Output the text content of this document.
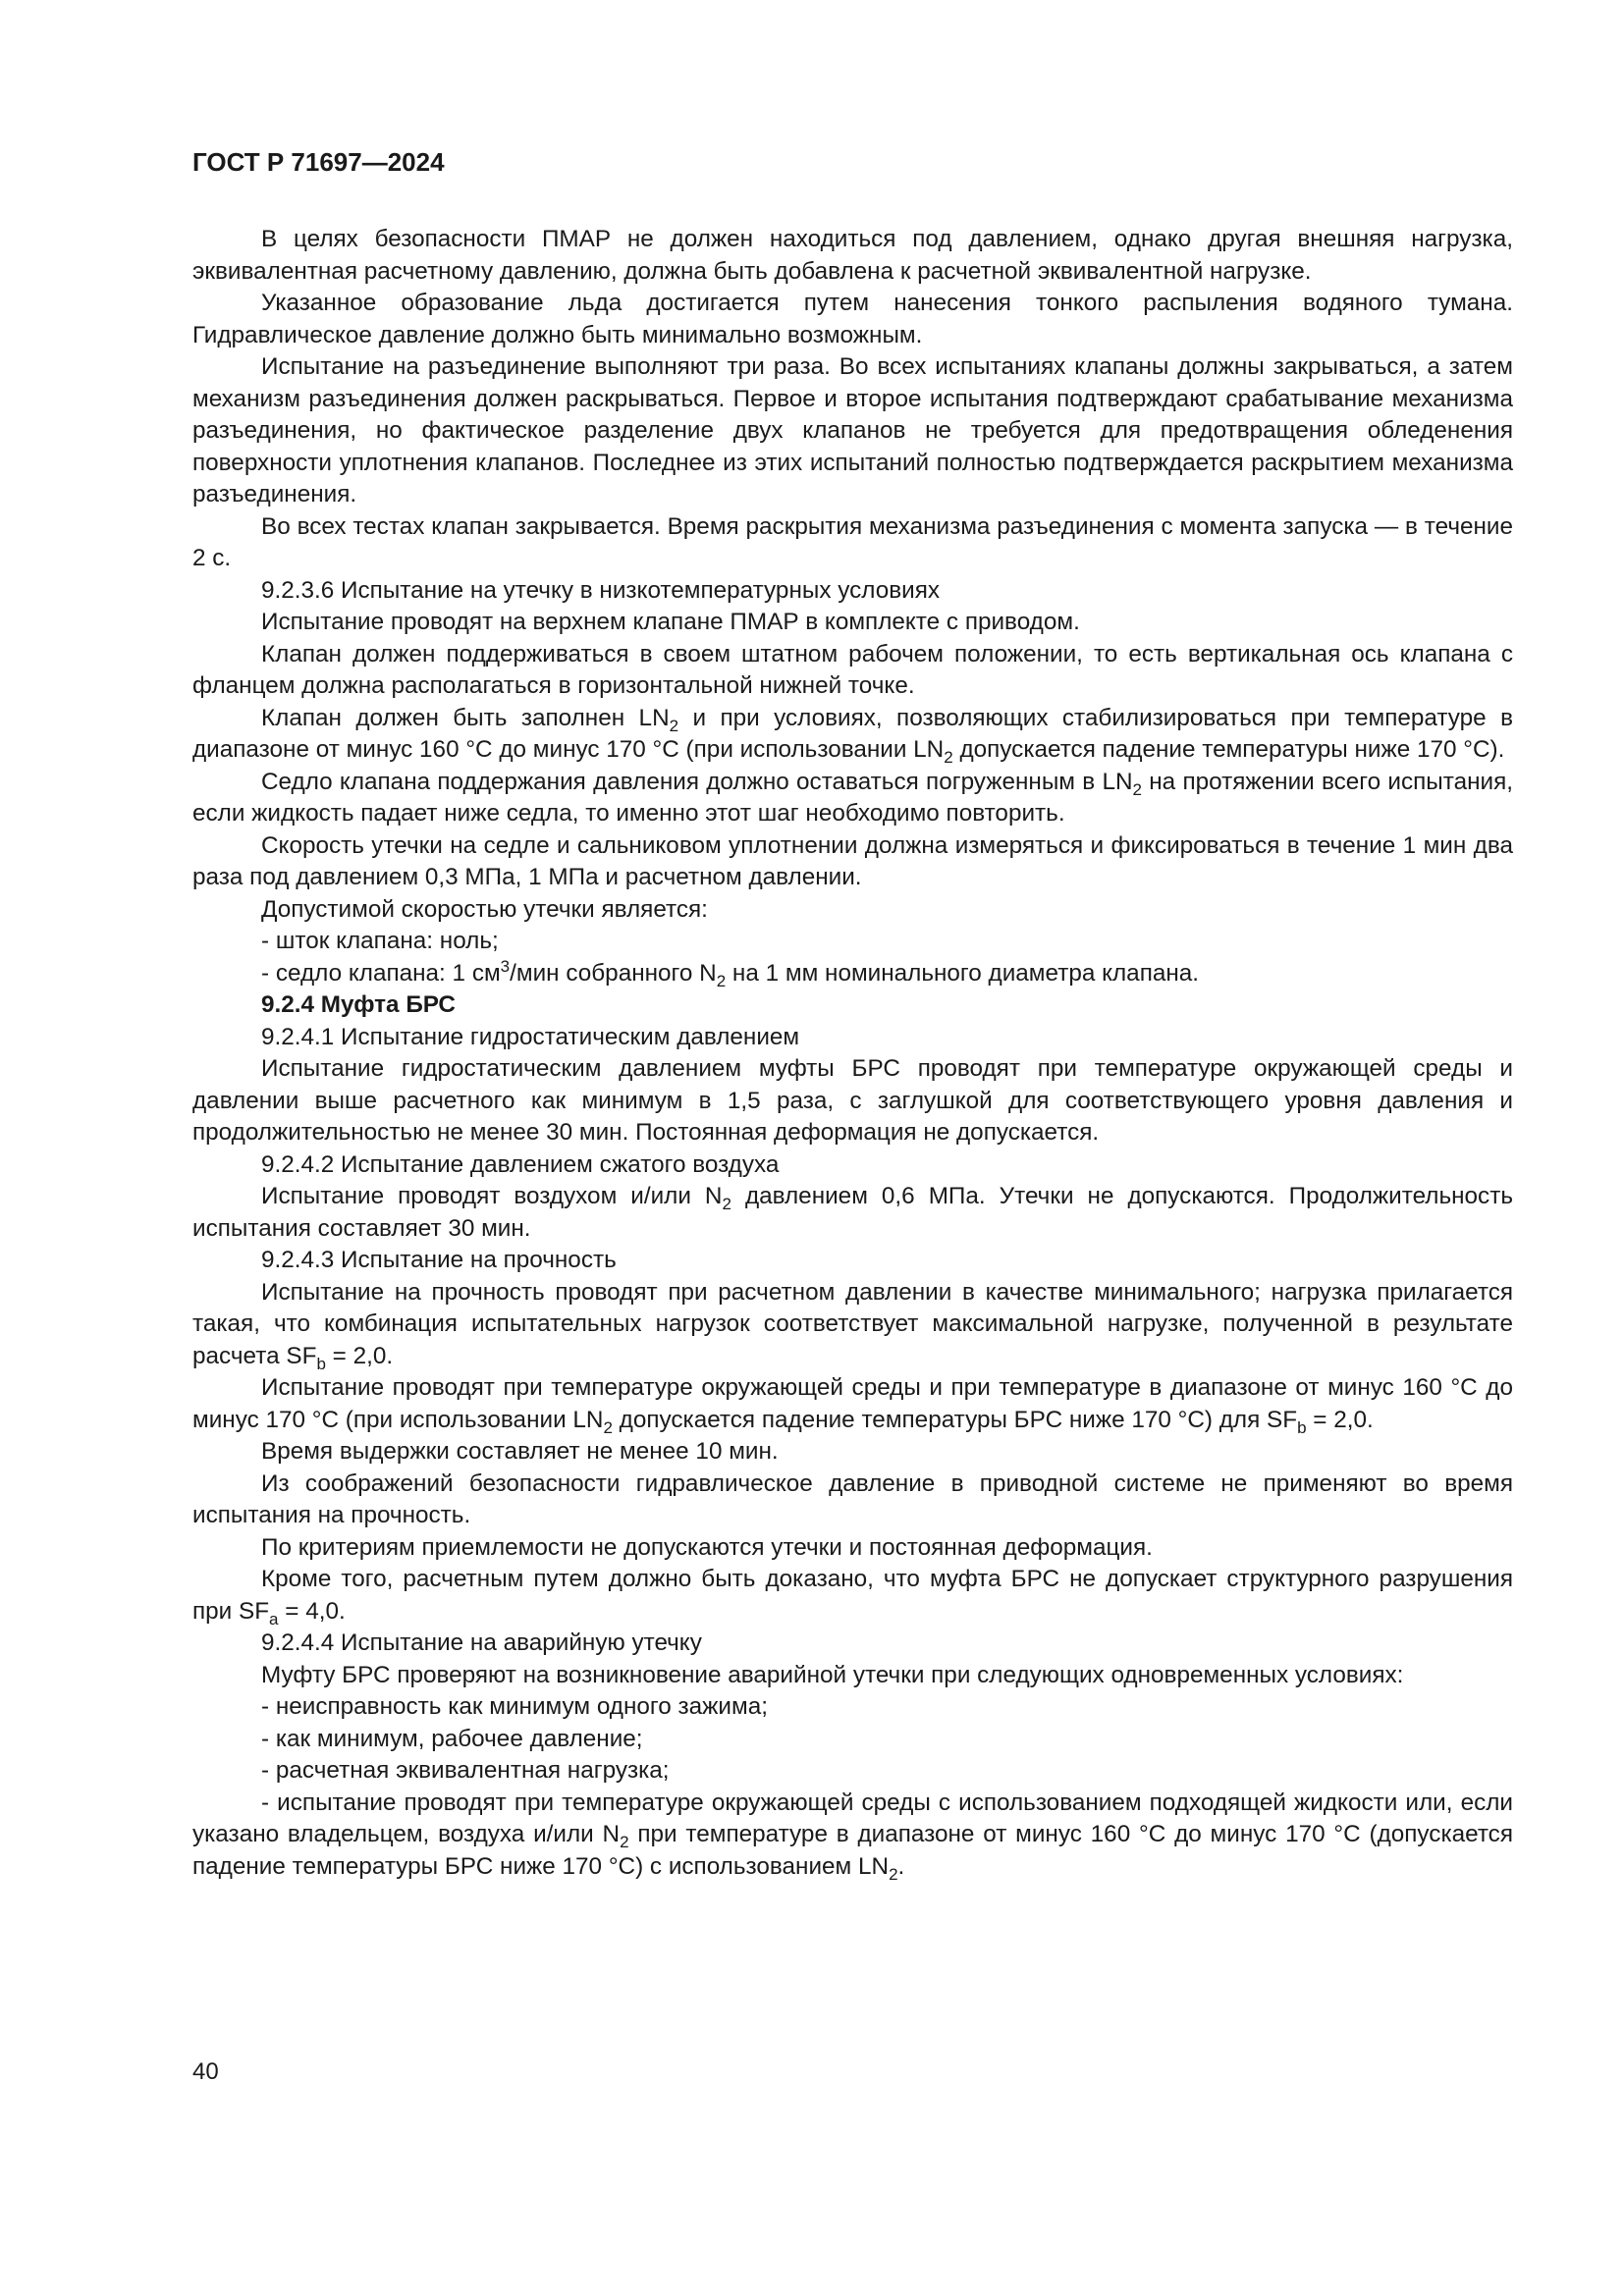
ГОСТ Р 71697—2024

В целях безопасности ПМАР не должен находиться под давлением, однако другая внешняя нагрузка, эквивалентная расчетному давлению, должна быть добавлена к расчетной эквивалентной нагрузке.

Указанное образование льда достигается путем нанесения тонкого распыления водяного тумана. Гидравлическое давление должно быть минимально возможным.

Испытание на разъединение выполняют три раза. Во всех испытаниях клапаны должны закрываться, а затем механизм разъединения должен раскрываться. Первое и второе испытания подтверждают срабатывание механизма разъединения, но фактическое разделение двух клапанов не требуется для предотвращения обледенения поверхности уплотнения клапанов. Последнее из этих испытаний полностью подтверждается раскрытием механизма разъединения.

Во всех тестах клапан закрывается. Время раскрытия механизма разъединения с момента запуска — в течение 2 с.

9.2.3.6 Испытание на утечку в низкотемпературных условиях

Испытание проводят на верхнем клапане ПМАР в комплекте с приводом.

Клапан должен поддерживаться в своем штатном рабочем положении, то есть вертикальная ось клапана с фланцем должна располагаться в горизонтальной нижней точке.

Клапан должен быть заполнен $LN_2$ и при условиях, позволяющих стабилизироваться при температуре в диапазоне от минус 160 °С до минус 170 °С (при использовании $LN_2$ допускается падение температуры ниже 170 °С).

Седло клапана поддержания давления должно оставаться погруженным в $LN_2$ на протяжении всего испытания, если жидкость падает ниже седла, то именно этот шаг необходимо повторить.

Скорость утечки на седле и сальниковом уплотнении должна измеряться и фиксироваться в течение 1 мин два раза под давлением 0,3 МПа, 1 МПа и расчетном давлении.

Допустимой скоростью утечки является:

- шток клапана: ноль;

- седло клапана: 1 $см^3$/мин собранного $N_2$ на 1 мм номинального диаметра клапана.

9.2.4 Муфта БРС

9.2.4.1 Испытание гидростатическим давлением

Испытание гидростатическим давлением муфты БРС проводят при температуре окружающей среды и давлении выше расчетного как минимум в 1,5 раза, с заглушкой для соответствующего уровня давления и продолжительностью не менее 30 мин. Постоянная деформация не допускается.

9.2.4.2 Испытание давлением сжатого воздуха

Испытание проводят воздухом и/или $N_2$ давлением 0,6 МПа. Утечки не допускаются. Продолжительность испытания составляет 30 мин.

9.2.4.3 Испытание на прочность

Испытание на прочность проводят при расчетном давлении в качестве минимального; нагрузка прилагается такая, что комбинация испытательных нагрузок соответствует максимальной нагрузке, полученной в результате расчета $SF_b = 2,0$.

Испытание проводят при температуре окружающей среды и при температуре в диапазоне от минус 160 °С до минус 170 °С (при использовании $LN_2$ допускается падение температуры БРС ниже 170 °С) для $SF_b = 2,0$.

Время выдержки составляет не менее 10 мин.

Из соображений безопасности гидравлическое давление в приводной системе не применяют во время испытания на прочность.

По критериям приемлемости не допускаются утечки и постоянная деформация.

Кроме того, расчетным путем должно быть доказано, что муфта БРС не допускает структурного разрушения при $SF_a = 4,0$.

9.2.4.4 Испытание на аварийную утечку

Муфту БРС проверяют на возникновение аварийной утечки при следующих одновременных условиях:

- неисправность как минимум одного зажима;

- как минимум, рабочее давление;

- расчетная эквивалентная нагрузка;

- испытание проводят при температуре окружающей среды с использованием подходящей жидкости или, если указано владельцем, воздуха и/или $N_2$ при температуре в диапазоне от минус 160 °С до минус 170 °С (допускается падение температуры БРС ниже 170 °С) с использованием $LN_2$.

40
